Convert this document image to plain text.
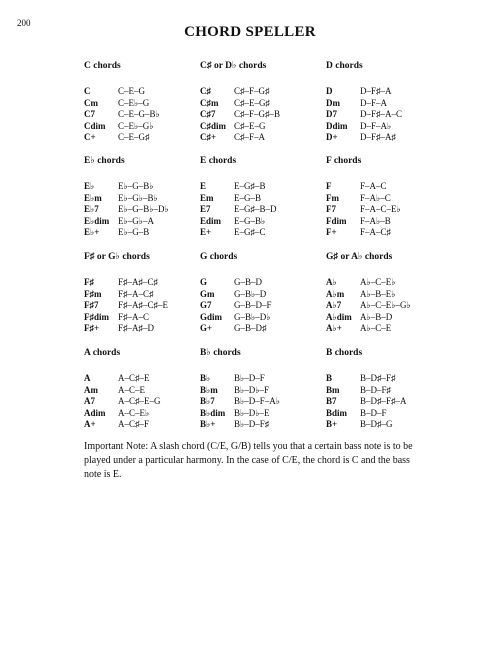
200
CHORD SPELLER
C chords
C	C–E–G
Cm	C–E♭–G
C7	C–E–G–B♭
Cdim	C–E♭–G♭
C+	C–E–G♯
C♯ or D♭ chords
C♯	C♯–F–G♯
C♯m	C♯–E–G♯
C♯7	C♯–F–G♯–B
C♯dim C♯–E–G
C♯+	C♯–F–A
D chords
D	D–F♯–A
Dm	D–F–A
D7	D–F♯–A–C
Ddim	D–F–A♭
D+	D–F♯–A♯
E♭ chords
E♭	E♭–G–B♭
E♭m	E♭–G♭–B♭
E♭7	E♭–G–B♭–D♭
E♭dim E♭–G♭–A
E♭+	E♭–G–B
E chords
E	E–G♯–B
Em	E–G–B
E7	E–G♯–B–D
Edim	E–G–B♭
E+	E–G♯–C
F chords
F	F–A–C
Fm	F–A♭–C
F7	F–A–C–E♭
Fdim	F–A♭–B
F+	F–A–C♯
F♯ or G♭ chords
F♯	F♯–A♯–C♯
F♯m	F♯–A–C♯
F♯7	F♯–A♯–C♯–E
F♯dim F♯–A–C
F♯+	F♯–A♯–D
G chords
G	G–B–D
Gm	G–B♭–D
G7	G–B–D–F
Gdim	G–B♭–D♭
G+	G–B–D♯
G♯ or A♭ chords
A♭	A♭–C–E♭
A♭m	A♭–B–E♭
A♭7	A♭–C–E♭–G♭
A♭dim A♭–B–D
A♭+	A♭–C–E
A chords
A	A–C♯–E
Am	A–C–E
A7	A–C♯–E–G
Adim	A–C–E♭
A+	A–C♯–F
B♭ chords
B♭	B♭–D–F
B♭m	B♭–D♭–F
B♭7	B♭–D–F–A♭
B♭dim B♭–D♭–E
B♭+	B♭–D–F♯
B chords
B	B–D♯–F♯
Bm	B–D–F♯
B7	B–D♯–F♯–A
Bdim	B–D–F
B+	B–D♯–G
Important Note: A slash chord (C/E, G/B) tells you that a certain bass note is to be played under a particular harmony. In the case of C/E, the chord is C and the bass note is E.
